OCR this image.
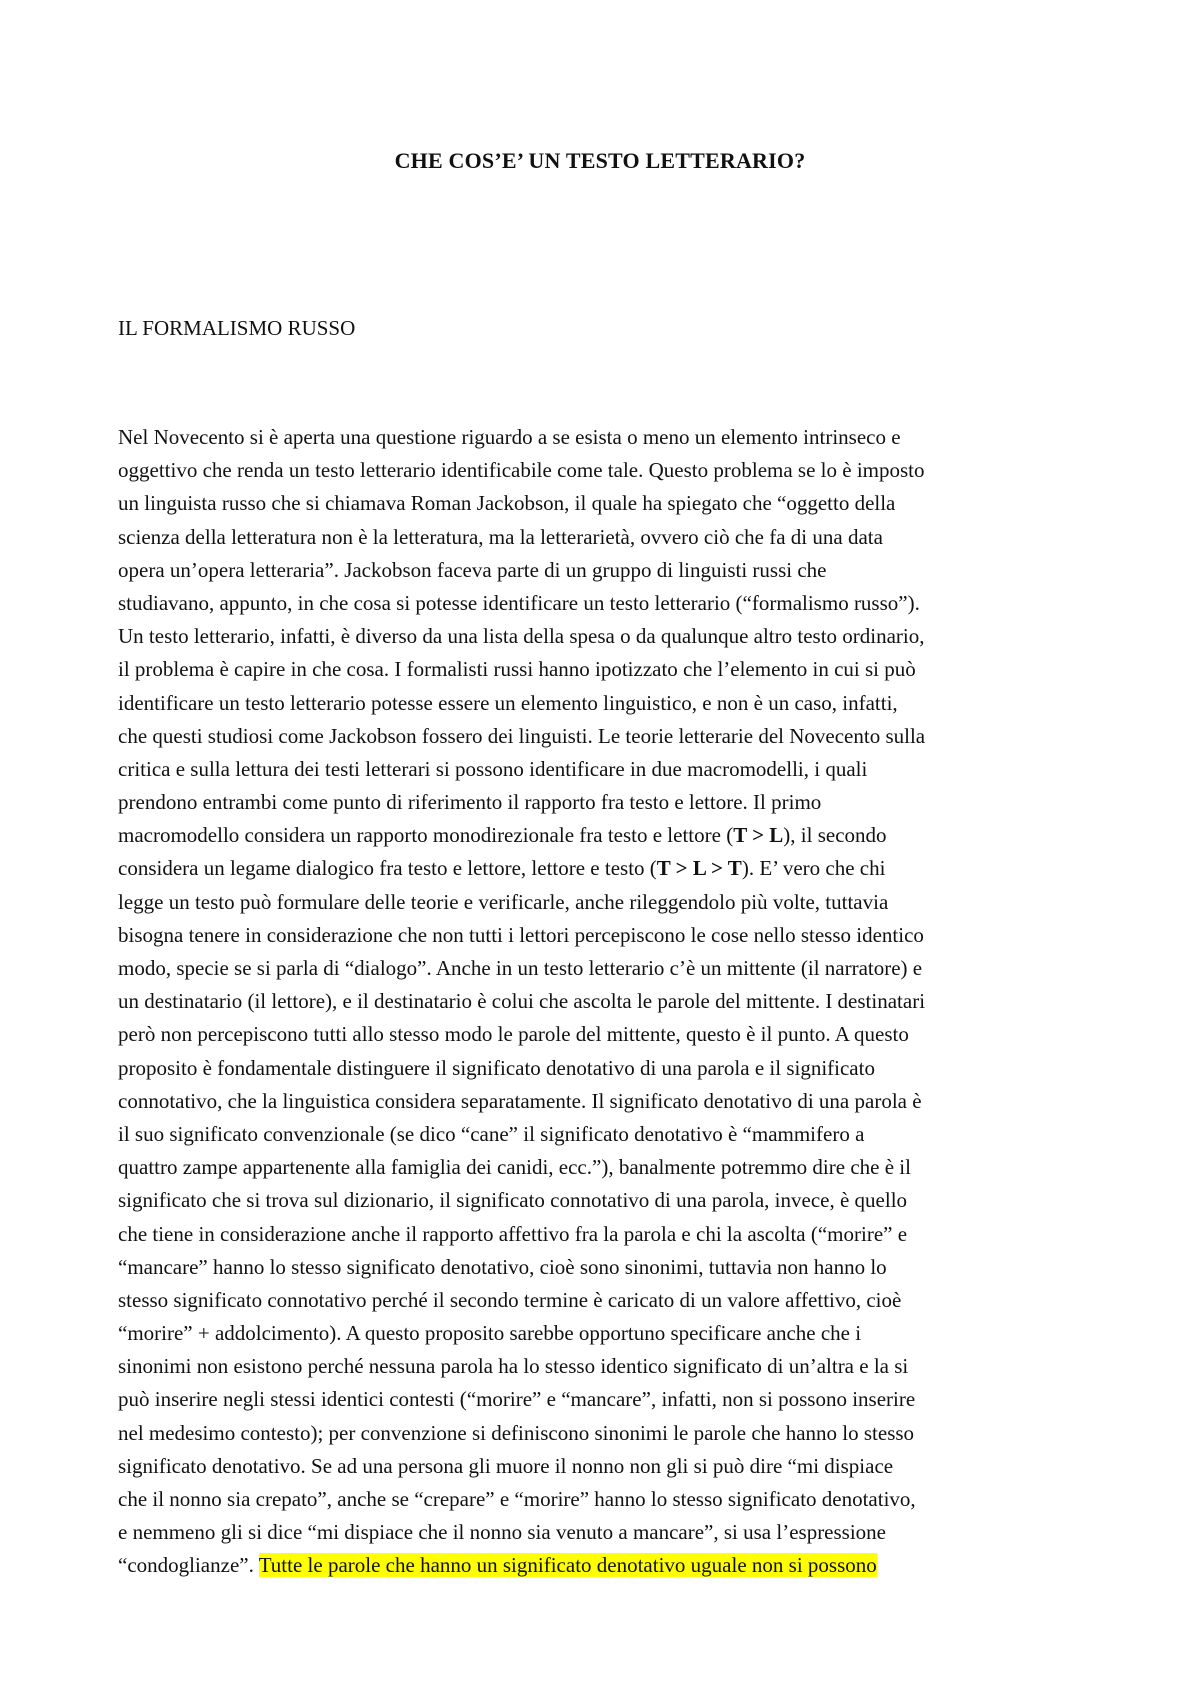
CHE COS’E’ UN TESTO LETTERARIO?
IL FORMALISMO RUSSO
Nel Novecento si è aperta una questione riguardo a se esista o meno un elemento intrinseco e
oggettivo che renda un testo letterario identificabile come tale. Questo problema se lo è imposto
un linguista russo che si chiamava Roman Jackobson, il quale ha spiegato che “oggetto della
scienza della letteratura non è la letteratura, ma la letterarietà, ovvero ciò che fa di una data
opera un’opera letteraria”. Jackobson faceva parte di un gruppo di linguisti russi che
studiavano, appunto, in che cosa si potesse identificare un testo letterario (“formalismo russo”).
Un testo letterario, infatti, è diverso da una lista della spesa o da qualunque altro testo ordinario,
il problema è capire in che cosa. I formalisti russi hanno ipotizzato che l’elemento in cui si può
identificare un testo letterario potesse essere un elemento linguistico, e non è un caso, infatti,
che questi studiosi come Jackobson fossero dei linguisti. Le teorie letterarie del Novecento sulla
critica e sulla lettura dei testi letterari si possono identificare in due macromodelli, i quali
prendono entrambi come punto di riferimento il rapporto fra testo e lettore. Il primo
macromodello considera un rapporto monodirezionale fra testo e lettore (T > L), il secondo
considera un legame dialogico fra testo e lettore, lettore e testo (T > L > T). E’ vero che chi
legge un testo può formulare delle teorie e verificarle, anche rileggendolo più volte, tuttavia
bisogna tenere in considerazione che non tutti i lettori percepiscono le cose nello stesso identico
modo, specie se si parla di “dialogo”. Anche in un testo letterario c’è un mittente (il narratore) e
un destinatario (il lettore), e il destinatario è colui che ascolta le parole del mittente. I destinatari
però non percepiscono tutti allo stesso modo le parole del mittente, questo è il punto. A questo
proposito è fondamentale distinguere il significato denotativo di una parola e il significato
connotativo, che la linguistica considera separatamente. Il significato denotativo di una parola è
il suo significato convenzionale (se dico “cane” il significato denotativo è “mammifero a
quattro zampe appartenente alla famiglia dei canidi, ecc.”), banalmente potremmo dire che è il
significato che si trova sul dizionario, il significato connotativo di una parola, invece, è quello
che tiene in considerazione anche il rapporto affettivo fra la parola e chi la ascolta (“morire” e
“mancare” hanno lo stesso significato denotativo, cioè sono sinonimi, tuttavia non hanno lo
stesso significato connotativo perché il secondo termine è caricato di un valore affettivo, cioè
“morire” + addolcimento). A questo proposito sarebbe opportuno specificare anche che i
sinonimi non esistono perché nessuna parola ha lo stesso identico significato di un’altra e la si
può inserire negli stessi identici contesti (“morire” e “mancare”, infatti, non si possono inserire
nel medesimo contesto); per convenzione si definiscono sinonimi le parole che hanno lo stesso
significato denotativo. Se ad una persona gli muore il nonno non gli si può dire “mi dispiace
che il nonno sia crepato”, anche se “crepare” e “morire” hanno lo stesso significato denotativo,
e nemmeno gli si dice “mi dispiace che il nonno sia venuto a mancare”, si usa l’espressione
“condoglianze”. Tutte le parole che hanno un significato denotativo uguale non si possono
